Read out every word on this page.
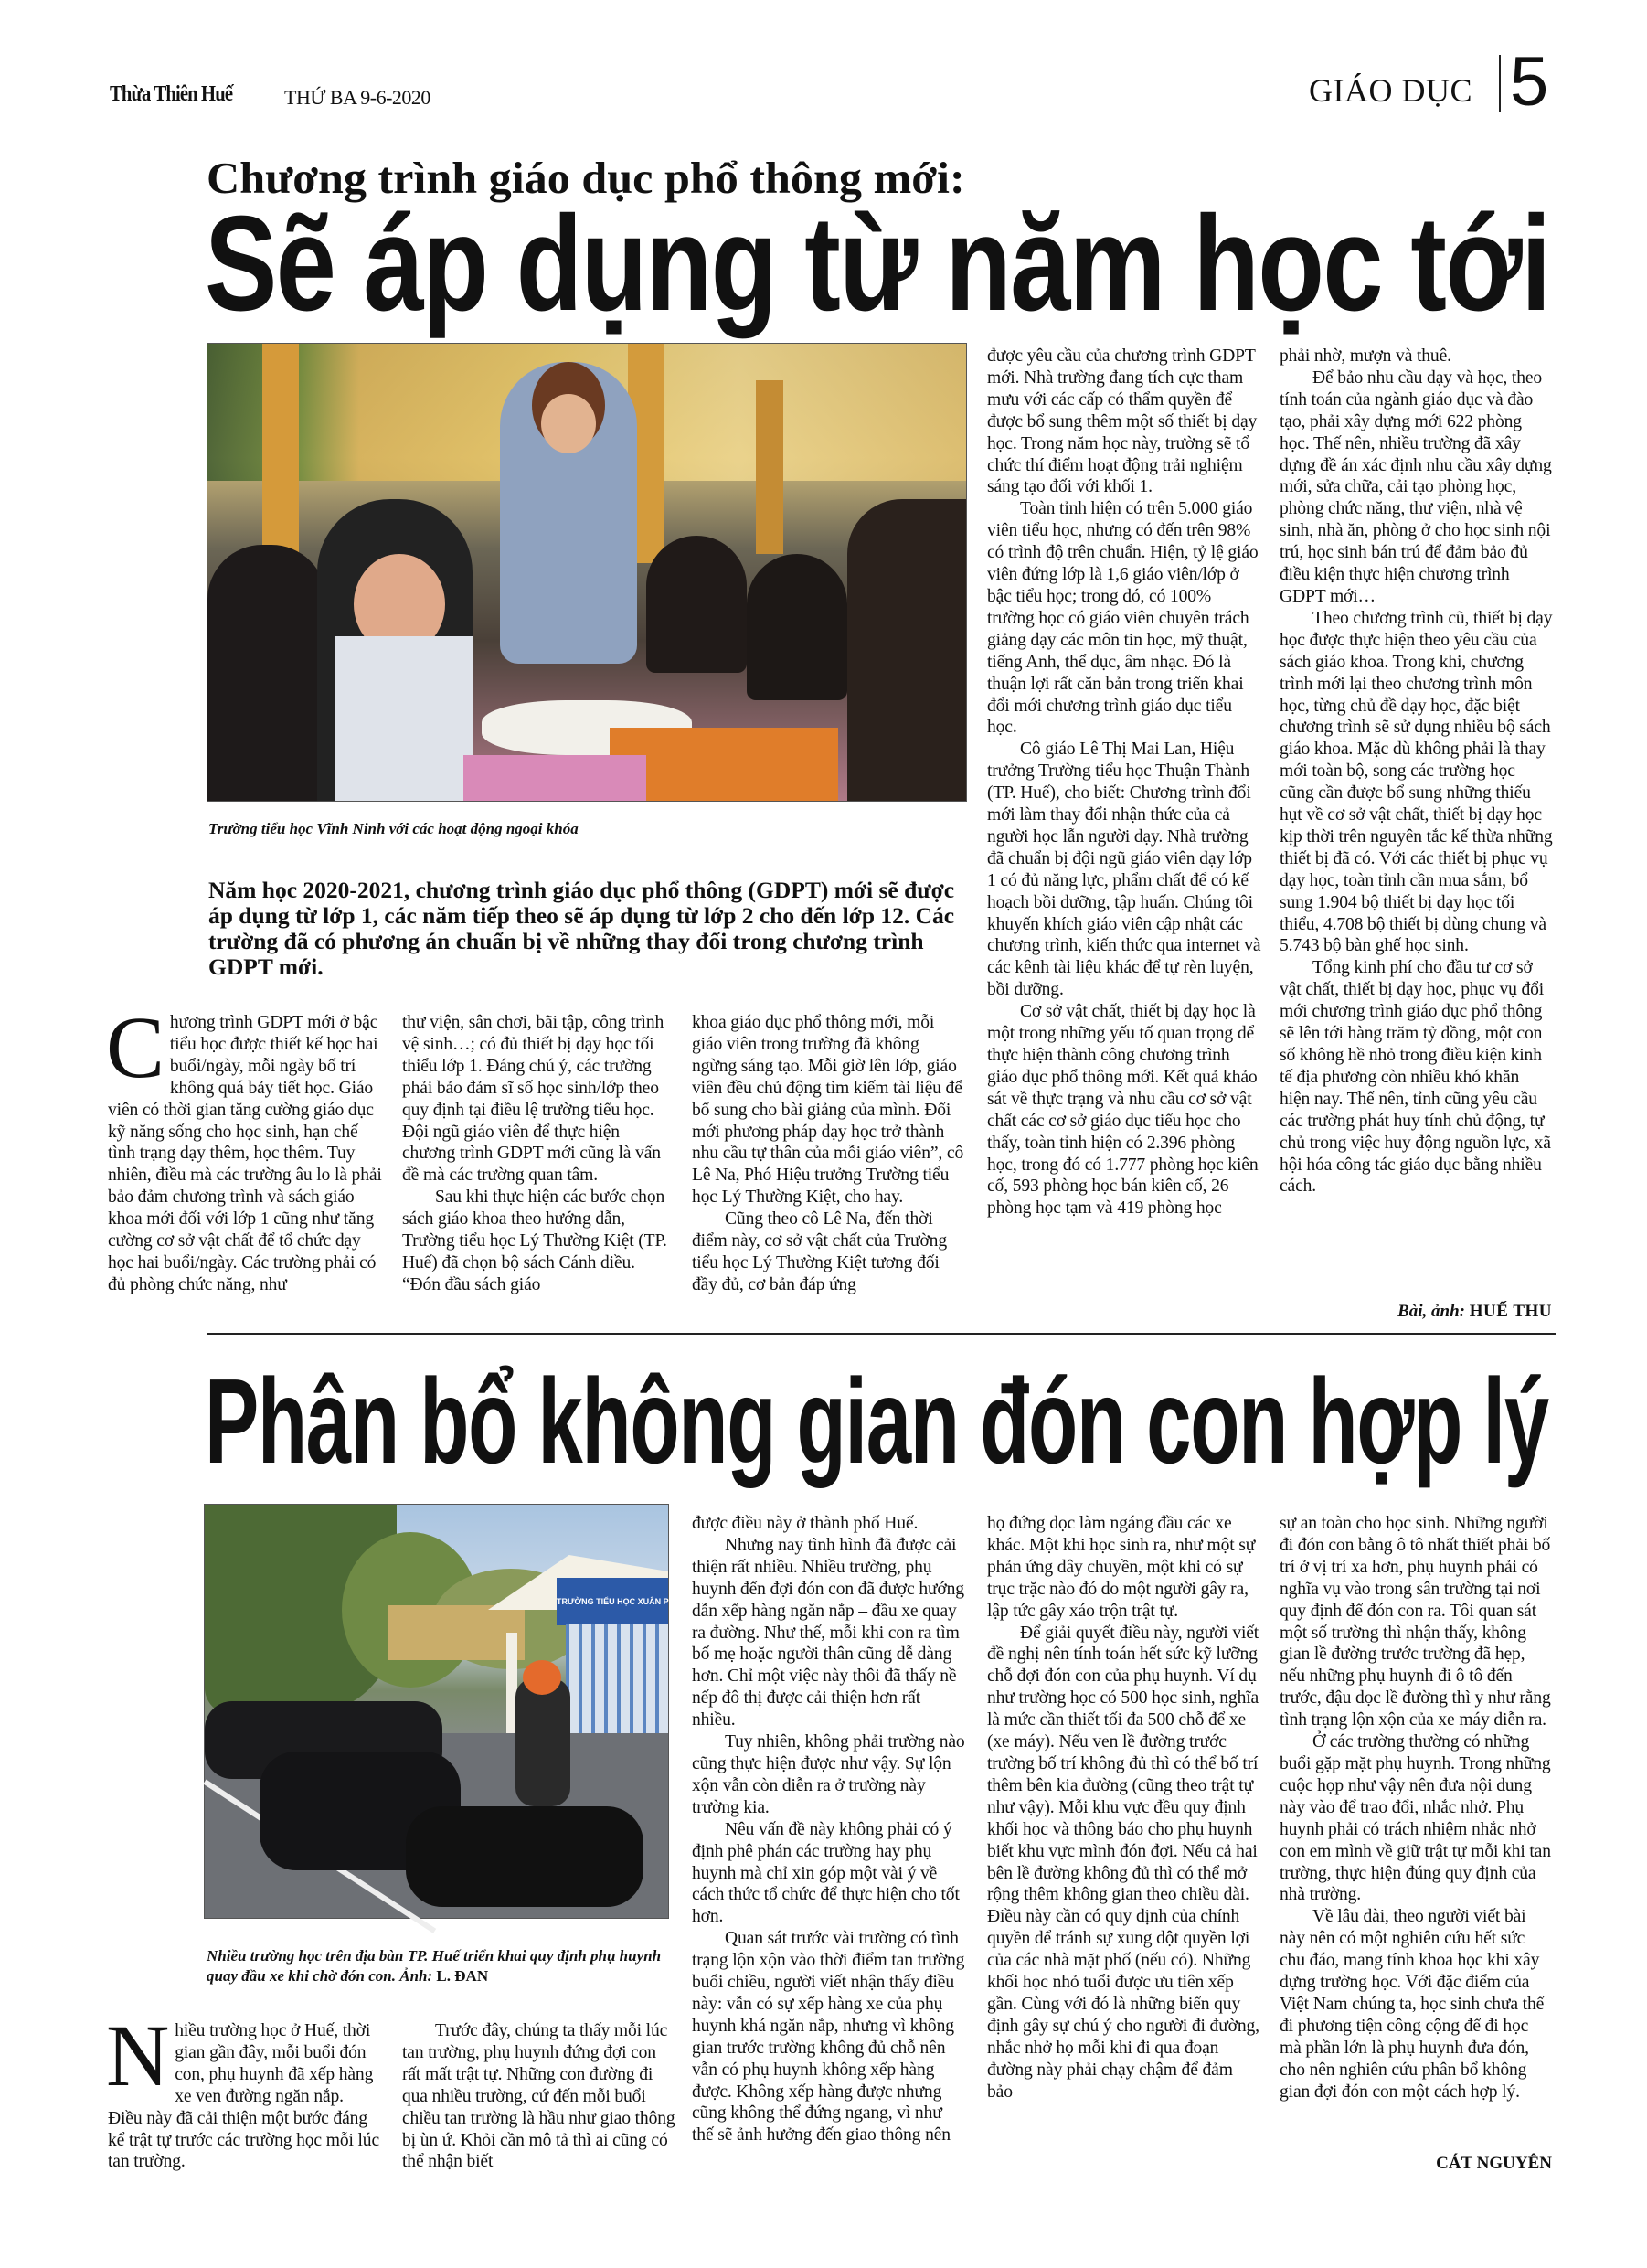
Thừa Thiên Huế	THỨ BA 9-6-2020	GIÁO DỤC 5
Chương trình giáo dục phổ thông mới:
Sẽ áp dụng từ năm học tới
Trường tiểu học Vĩnh Ninh với các hoạt động ngoại khóa
Năm học 2020-2021, chương trình giáo dục phổ thông (GDPT) mới sẽ được áp dụng từ lớp 1, các năm tiếp theo sẽ áp dụng từ lớp 2 cho đến lớp 12. Các trường đã có phương án chuẩn bị về những thay đổi trong chương trình GDPT mới.
C hương trình GDPT mới ở bậc tiểu học được thiết kế học hai buổi/ngày, mỗi ngày bố trí không quá bảy tiết học. Giáo viên có thời gian tăng cường giáo dục kỹ năng sống cho học sinh, hạn chế tình trạng dạy thêm, học thêm. Tuy nhiên, điều mà các trường âu lo là phải bảo đảm chương trình và sách giáo khoa mới đối với lớp 1 cũng như tăng cường cơ sở vật chất để tổ chức dạy học hai buổi/ngày. Các trường phải có đủ phòng chức năng, như

thư viện, sân chơi, bãi tập, công trình vệ sinh…; có đủ thiết bị dạy học tối thiểu lớp 1. Đáng chú ý, các trường phải bảo đảm sĩ số học sinh/lớp theo quy định tại điều lệ trường tiểu học. Đội ngũ giáo viên để thực hiện chương trình GDPT mới cũng là vấn đề mà các trường quan tâm.

Sau khi thực hiện các bước chọn sách giáo khoa theo hướng dẫn, Trường tiểu học Lý Thường Kiệt (TP. Huế) đã chọn bộ sách Cánh diều. “Đón đầu sách giáo

khoa giáo dục phổ thông mới, mỗi giáo viên trong trường đã không ngừng sáng tạo. Mỗi giờ lên lớp, giáo viên đều chủ động tìm kiếm tài liệu để bổ sung cho bài giảng của mình. Đổi mới phương pháp dạy học trở thành nhu cầu tự thân của mỗi giáo viên”, cô Lê Na, Phó Hiệu trưởng Trường tiểu học Lý Thường Kiệt, cho hay.

Cũng theo cô Lê Na, đến thời điểm này, cơ sở vật chất của Trường tiểu học Lý Thường Kiệt tương đối đầy đủ, cơ bản đáp ứng

được yêu cầu của chương trình GDPT mới. Nhà trường đang tích cực tham mưu với các cấp có thẩm quyền để được bổ sung thêm một số thiết bị dạy học. Trong năm học này, trường sẽ tổ chức thí điểm hoạt động trải nghiệm sáng tạo đối với khối 1.

Toàn tỉnh hiện có trên 5.000 giáo viên tiểu học, nhưng có đến trên 98% có trình độ trên chuẩn. Hiện, tỷ lệ giáo viên đứng lớp là 1,6 giáo viên/lớp ở bậc tiểu học; trong đó, có 100% trường học có giáo viên chuyên trách giảng dạy các môn tin học, mỹ thuật, tiếng Anh, thể dục, âm nhạc. Đó là thuận lợi rất căn bản trong triển khai đổi mới chương trình giáo dục tiểu học.

Cô giáo Lê Thị Mai Lan, Hiệu trưởng Trường tiểu học Thuận Thành (TP. Huế), cho biết: Chương trình đổi mới làm thay đổi nhận thức của cả người học lẫn người dạy. Nhà trường đã chuẩn bị đội ngũ giáo viên dạy lớp 1 có đủ năng lực, phẩm chất để có kế hoạch bồi dưỡng, tập huấn. Chúng tôi khuyến khích giáo viên cập nhật các chương trình, kiến thức qua internet và các kênh tài liệu khác để tự rèn luyện, bồi dưỡng.

Cơ sở vật chất, thiết bị dạy học là một trong những yếu tố quan trọng để thực hiện thành công chương trình giáo dục phổ thông mới. Kết quả khảo sát về thực trạng và nhu cầu cơ sở vật chất các cơ sở giáo dục tiểu học cho thấy, toàn tỉnh hiện có 2.396 phòng học, trong đó có 1.777 phòng học kiên cố, 593 phòng học bán kiên cố, 26 phòng học tạm và 419 phòng học

phải nhờ, mượn và thuê.

Để bảo nhu cầu dạy và học, theo tính toán của ngành giáo dục và đào tạo, phải xây dựng mới 622 phòng học. Thế nên, nhiều trường đã xây dựng đề án xác định nhu cầu xây dựng mới, sửa chữa, cải tạo phòng học, phòng chức năng, thư viện, nhà vệ sinh, nhà ăn, phòng ở cho học sinh nội trú, học sinh bán trú để đảm bảo đủ điều kiện thực hiện chương trình GDPT mới…

Theo chương trình cũ, thiết bị dạy học được thực hiện theo yêu cầu của sách giáo khoa. Trong khi, chương trình mới lại theo chương trình môn học, từng chủ đề dạy học, đặc biệt chương trình sẽ sử dụng nhiều bộ sách giáo khoa. Mặc dù không phải là thay mới toàn bộ, song các trường học cũng cần được bổ sung những thiếu hụt về cơ sở vật chất, thiết bị dạy học kịp thời trên nguyên tắc kế thừa những thiết bị đã có. Với các thiết bị phục vụ dạy học, toàn tỉnh cần mua sắm, bổ sung 1.904 bộ thiết bị dạy học tối thiểu, 4.708 bộ thiết bị dùng chung và 5.743 bộ bàn ghế học sinh.

Tổng kinh phí cho đầu tư cơ sở vật chất, thiết bị dạy học, phục vụ đổi mới chương trình giáo dục phổ thông sẽ lên tới hàng trăm tỷ đồng, một con số không hề nhỏ trong điều kiện kinh tế địa phương còn nhiều khó khăn hiện nay. Thế nên, tỉnh cũng yêu cầu các trường phát huy tính chủ động, tự chủ trong việc huy động nguồn lực, xã hội hóa công tác giáo dục bằng nhiều cách.

Bài, ảnh: HUẾ THU
Phân bổ không gian đón con hợp lý
TRƯỜNG TIỂU HỌC XUÂN PHÚ
Nhiều trường học trên địa bàn TP. Huế triển khai quy định phụ huynh quay đầu xe khi chờ đón con. Ảnh: L. ĐAN
N hiều trường học ở Huế, thời gian gần đây, mỗi buổi đón con, phụ huynh đã xếp hàng xe ven đường ngăn nắp. Điều này đã cải thiện một bước đáng kể trật tự trước các trường học mỗi lúc tan trường.

Trước đây, chúng ta thấy mỗi lúc tan trường, phụ huynh đứng đợi con rất mất trật tự. Những con đường đi qua nhiều trường, cứ đến mỗi buổi chiều tan trường là hầu như giao thông bị ùn ứ. Khỏi cần mô tả thì ai cũng có thể nhận biết

được điều này ở thành phố Huế.

Nhưng nay tình hình đã được cải thiện rất nhiều. Nhiều trường, phụ huynh đến đợi đón con đã được hướng dẫn xếp hàng ngăn nắp – đầu xe quay ra đường. Như thế, mỗi khi con ra tìm bố mẹ hoặc người thân cũng dễ dàng hơn. Chỉ một việc này thôi đã thấy nề nếp đô thị được cải thiện hơn rất nhiều.

Tuy nhiên, không phải trường nào cũng thực hiện được như vậy. Sự lộn xộn vẫn còn diễn ra ở trường này trường kia.

Nêu vấn đề này không phải có ý định phê phán các trường hay phụ huynh mà chỉ xin góp một vài ý về cách thức tổ chức để thực hiện cho tốt hơn.

Quan sát trước vài trường có tình trạng lộn xộn vào thời điểm tan trường buổi chiều, người viết nhận thấy điều này: vẫn có sự xếp hàng xe của phụ huynh khá ngăn nắp, nhưng vì không gian trước trường không đủ chỗ nên vẫn có phụ huynh không xếp hàng được. Không xếp hàng được nhưng cũng không thể đứng ngang, vì như thế sẽ ảnh hưởng đến giao thông nên

họ đứng dọc làm ngáng đầu các xe khác. Một khi học sinh ra, như một sự phản ứng dây chuyền, một khi có sự trục trặc nào đó do một người gây ra, lập tức gây xáo trộn trật tự.

Để giải quyết điều này, người viết đề nghị nên tính toán hết sức kỹ lưỡng chỗ đợi đón con của phụ huynh. Ví dụ như trường học có 500 học sinh, nghĩa là mức cần thiết tối đa 500 chỗ để xe (xe máy). Nếu ven lề đường trước trường bố trí không đủ thì có thể bố trí thêm bên kia đường (cũng theo trật tự như vậy). Mỗi khu vực đều quy định khối học và thông báo cho phụ huynh biết khu vực mình đón đợi. Nếu cả hai bên lề đường không đủ thì có thể mở rộng thêm không gian theo chiều dài. Điều này cần có quy định của chính quyền để tránh sự xung đột quyền lợi của các nhà mặt phố (nếu có). Những khối học nhỏ tuổi được ưu tiên xếp gần. Cùng với đó là những biển quy định gây sự chú ý cho người đi đường, nhắc nhở họ mỗi khi đi qua đoạn đường này phải chạy chậm để đảm bảo

sự an toàn cho học sinh. Những người đi đón con bằng ô tô nhất thiết phải bố trí ở vị trí xa hơn, phụ huynh phải có nghĩa vụ vào trong sân trường tại nơi quy định để đón con ra. Tôi quan sát một số trường thì nhận thấy, không gian lề đường trước trường đã hẹp, nếu những phụ huynh đi ô tô đến trước, đậu dọc lề đường thì y như rằng tình trạng lộn xộn của xe máy diễn ra.

Ở các trường thường có những buổi gặp mặt phụ huynh. Trong những cuộc họp như vậy nên đưa nội dung này vào để trao đổi, nhắc nhở. Phụ huynh phải có trách nhiệm nhắc nhở con em mình về giữ trật tự mỗi khi tan trường, thực hiện đúng quy định của nhà trường.

Về lâu dài, theo người viết bài này nên có một nghiên cứu hết sức chu đáo, mang tính khoa học khi xây dựng trường học. Với đặc điểm của Việt Nam chúng ta, học sinh chưa thể đi phương tiện công cộng để đi học mà phần lớn là phụ huynh đưa đón, cho nên nghiên cứu phân bổ không gian đợi đón con một cách hợp lý.

CÁT NGUYÊN
